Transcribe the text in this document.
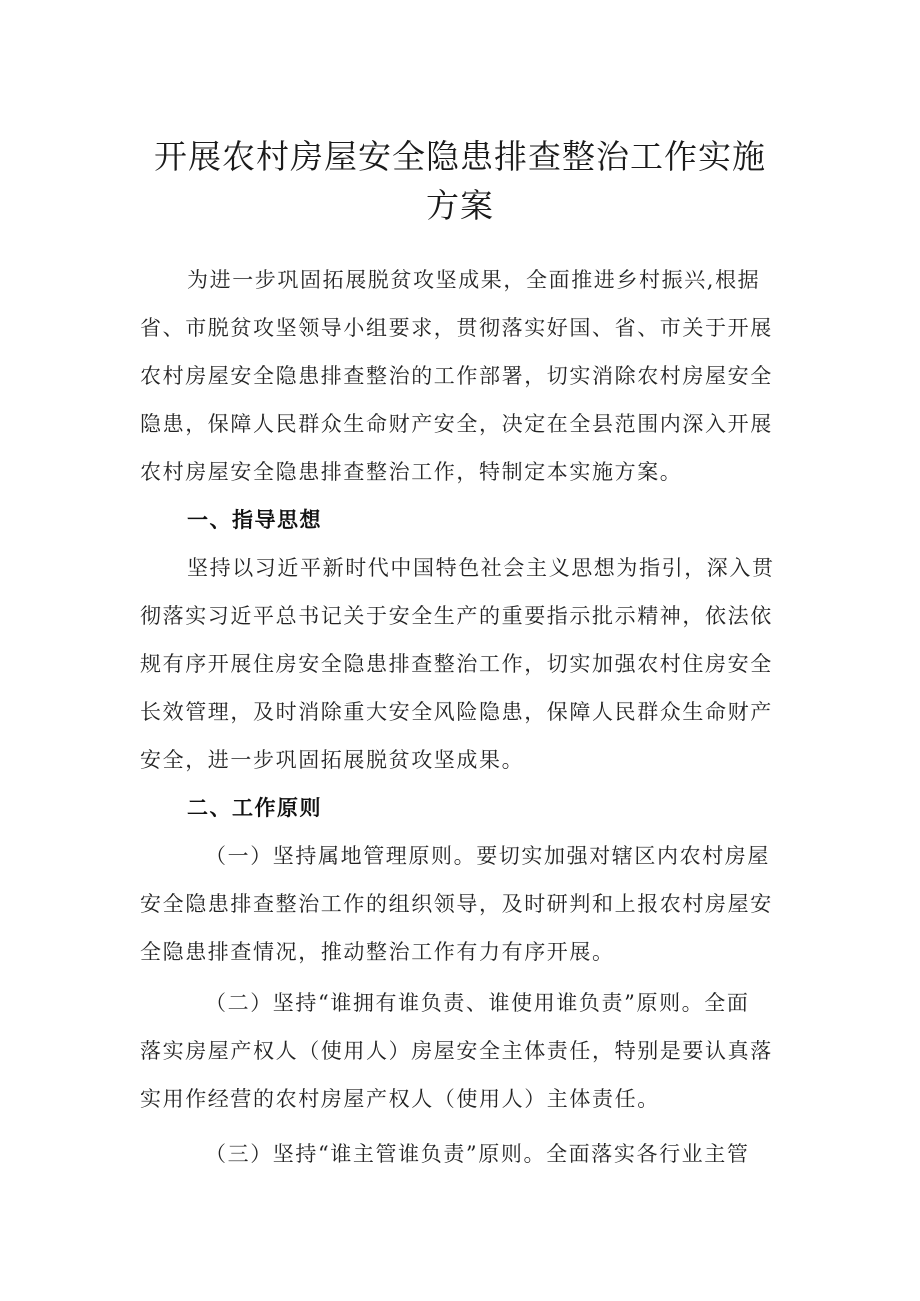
开展农村房屋安全隐患排查整治工作实施
方案

为进一步巩固拓展脱贫攻坚成果，全面推进乡村振兴,根据

省、市脱贫攻坚领导小组要求，贯彻落实好国、省、市关于开展

农村房屋安全隐患排查整治的工作部署，切实消除农村房屋安全

隐患，保障人民群众生命财产安全，决定在全县范围内深入开展

农村房屋安全隐患排查整治工作，特制定本实施方案。

一、指导思想

坚持以习近平新时代中国特色社会主义思想为指引，深入贯

彻落实习近平总书记关于安全生产的重要指示批示精神，依法依

规有序开展住房安全隐患排查整治工作，切实加强农村住房安全

长效管理，及时消除重大安全风险隐患，保障人民群众生命财产

安全，进一步巩固拓展脱贫攻坚成果。

二、工作原则

（一）坚持属地管理原则。要切实加强对辖区内农村房屋

安全隐患排查整治工作的组织领导，及时研判和上报农村房屋安

全隐患排查情况，推动整治工作有力有序开展。

（二）坚持“谁拥有谁负责、谁使用谁负责”原则。全面

落实房屋产权人（使用人）房屋安全主体责任，特别是要认真落

实用作经营的农村房屋产权人（使用人）主体责任。

（三）坚持“谁主管谁负责”原则。全面落实各行业主管
